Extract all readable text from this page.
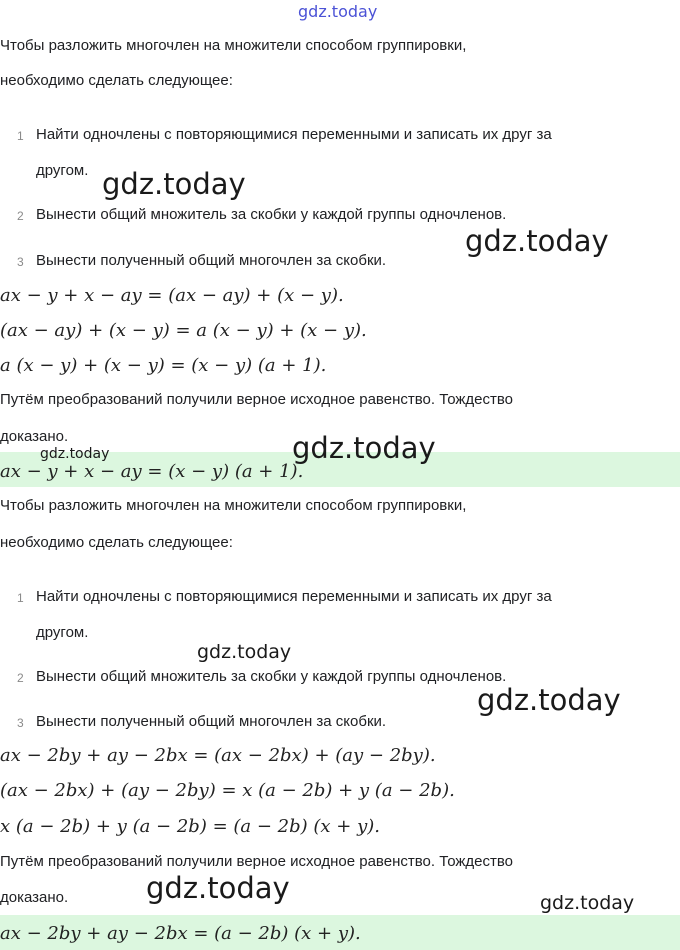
gdz.today
Чтобы разложить многочлен на множители способом группировки,
необходимо сделать следующее:
1 Найти одночлены с повторяющимися переменными и записать их друг за
другом.
2 Вынести общий множитель за скобки у каждой группы одночленов.
3 Вынести полученный общий многочлен за скобки.
ax − y + x − ay = (ax − ay) + (x − y).
(ax − ay) + (x − y) = a (x − y) + (x − y).
a (x − y) + (x − y) = (x − y) (a + 1).
Путём преобразований получили верное исходное равенство. Тождество
доказано.
ax − y + x − ay = (x − y) (a + 1).
Чтобы разложить многочлен на множители способом группировки,
необходимо сделать следующее:
1 Найти одночлены с повторяющимися переменными и записать их друг за
другом.
2 Вынести общий множитель за скобки у каждой группы одночленов.
3 Вынести полученный общий многочлен за скобки.
ax − 2by + ay − 2bx = (ax − 2bx) + (ay − 2by).
(ax − 2bx) + (ay − 2by) = x (a − 2b) + y (a − 2b).
x (a − 2b) + y (a − 2b) = (a − 2b) (x + y).
Путём преобразований получили верное исходное равенство. Тождество
доказано.
ax − 2by + ay − 2bx = (a − 2b) (x + y).
gdz.today
gdz.today
gdz.today	gdz.today
gdz.today
gdz.today
gdz.today	gdz.today
